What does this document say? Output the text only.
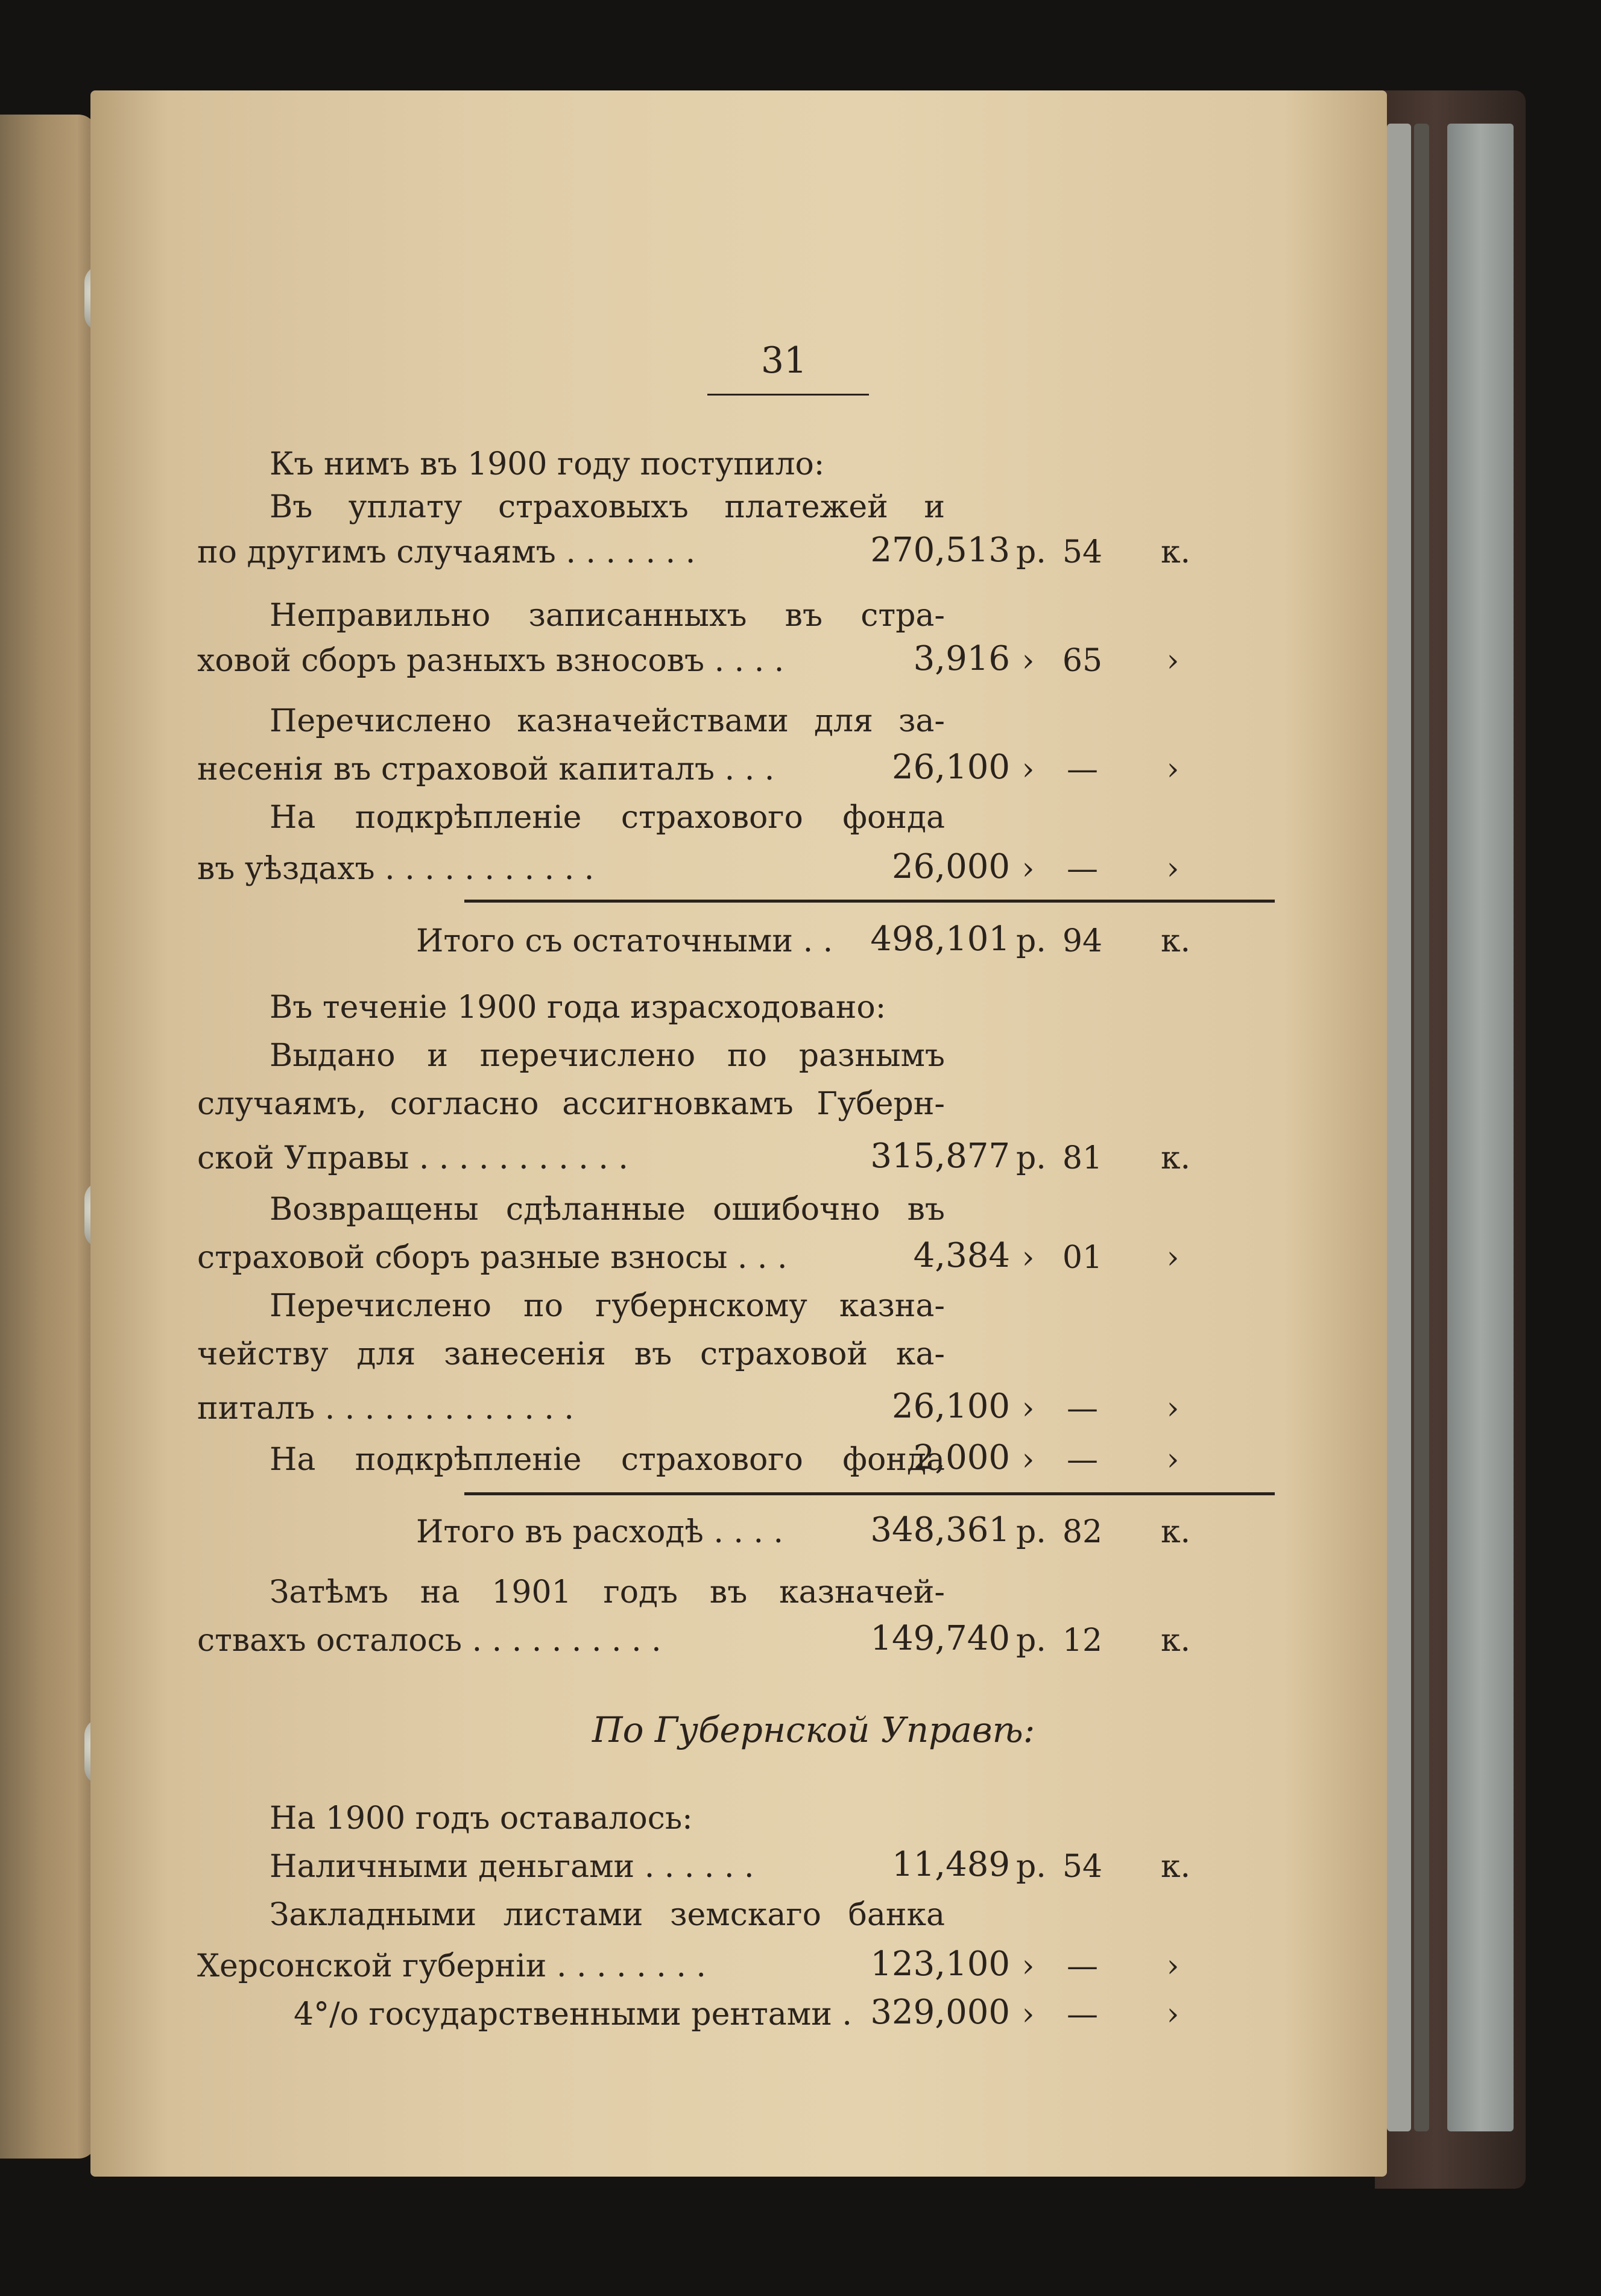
31
Къ нимъ въ 1900 году поступило:
Въ уплату страховыхъ платежей и
по другимъ случаямъ . . . . . . .	270,513 р. 54 к.
Неправильно записанныхъ въ стра-
ховой сборъ разныхъ взносовъ . . . .	3,916 › 65 ›
Перечислено казначействами для за-
несенія въ страховой капиталъ . . .	26,100 ›	—	›
На подкрѣпленіе страхового фонда
въ уѣздахъ . . . . . . . . . . .	26,000 ›	—	›
Итого съ остаточными . .	498,101 р. 94 к.
Въ теченіе 1900 года израсходовано:
Выдано и перечислено по разнымъ
случаямъ, согласно ассигновкамъ Губерн-
ской Управы . . . . . . . . . . .	315,877 р. 81 к.
Возвращены сдѣланные ошибочно въ
страховой сборъ разные взносы . . .	4,384 › 01 ›
Перечислено по губернскому казна-
чейству для занесенія въ страховой ка-
питалъ . . . . . . . . . . . . .	26,100 ›	—	›
На подкрѣпленіе страхового фонда
2,000 ›	—	›
Итого въ расходѣ . . . .	348,361 р. 82 к.
Затѣмъ на 1901 годъ въ казначей-
ствахъ осталось . . . . . . . . . .	149,740 р. 12 к.
По Губернской Управѣ:
На 1900 годъ оставалось:
Наличными деньгами . . . . . .	11,489 р. 54 к.
Закладными листами земскаго банка
Херсонской губерніи . . . . . . . .	123,100 ›	—	›
4°/о государственными рентами . 329,000 ›	—	›
